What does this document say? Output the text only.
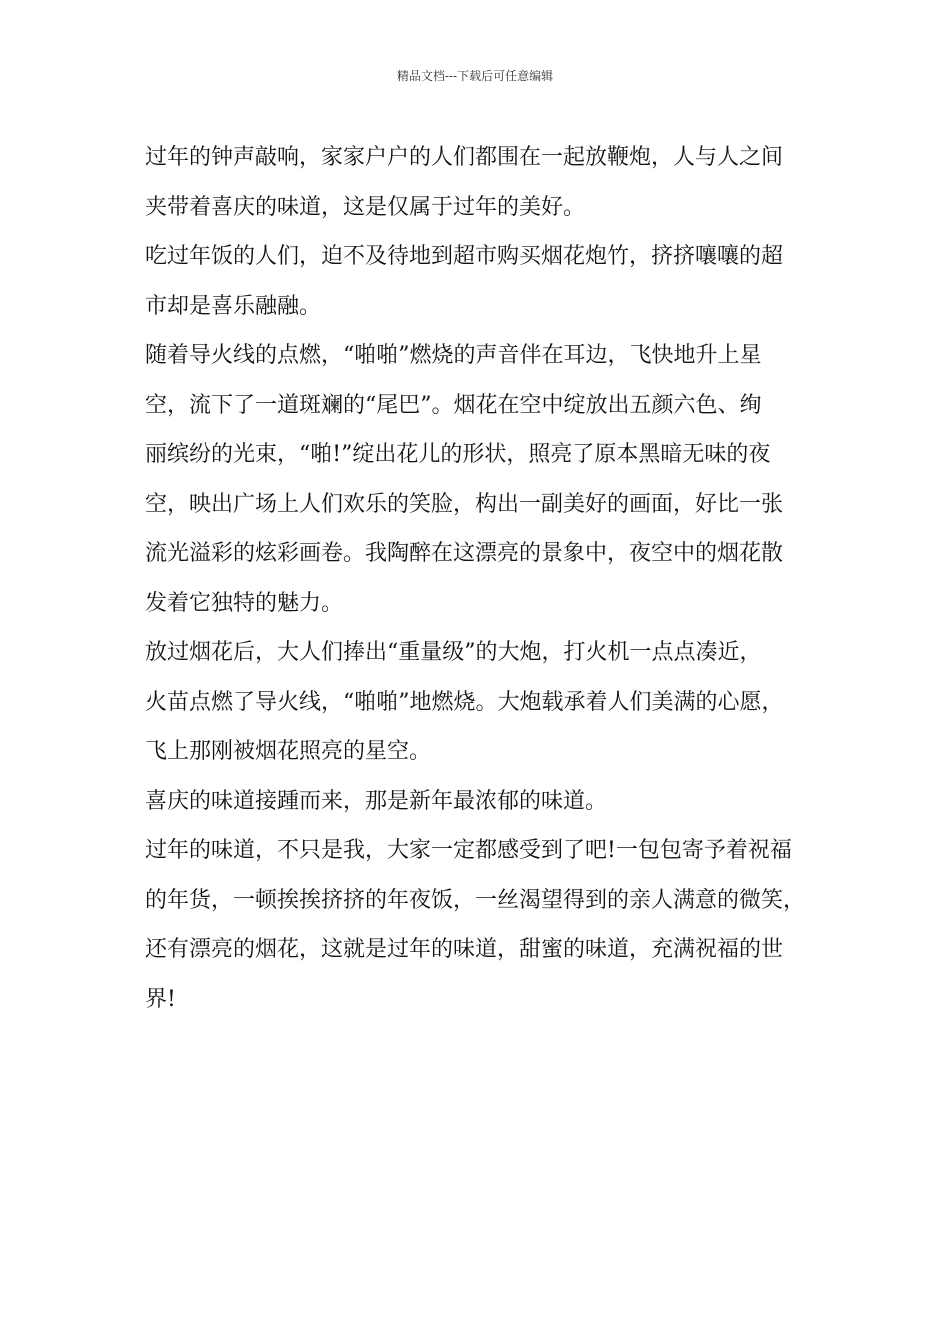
精品文档---下载后可任意编辑

过年的钟声敲响，家家户户的人们都围在一起放鞭炮，人与人之间
夹带着喜庆的味道，这是仅属于过年的美好。

吃过年饭的人们，迫不及待地到超市购买烟花炮竹，挤挤嚷嚷的超
市却是喜乐融融。

随着导火线的点燃，“啪啪”燃烧的声音伴在耳边，飞快地升上星
空，流下了一道斑斓的“尾巴”。烟花在空中绽放出五颜六色、绚
丽缤纷的光束，“啪!”绽出花儿的形状，照亮了原本黑暗无味的夜
空，映出广场上人们欢乐的笑脸，构出一副美好的画面，好比一张
流光溢彩的炫彩画卷。我陶醉在这漂亮的景象中，夜空中的烟花散
发着它独特的魅力。

放过烟花后，大人们捧出“重量级”的大炮，打火机一点点凑近，
火苗点燃了导火线，“啪啪”地燃烧。大炮载承着人们美满的心愿，
飞上那刚被烟花照亮的星空。

喜庆的味道接踵而来，那是新年最浓郁的味道。

过年的味道，不只是我，大家一定都感受到了吧!一包包寄予着祝福
的年货，一顿挨挨挤挤的年夜饭，一丝渴望得到的亲人满意的微笑，
还有漂亮的烟花，这就是过年的味道，甜蜜的味道，充满祝福的世
界!
